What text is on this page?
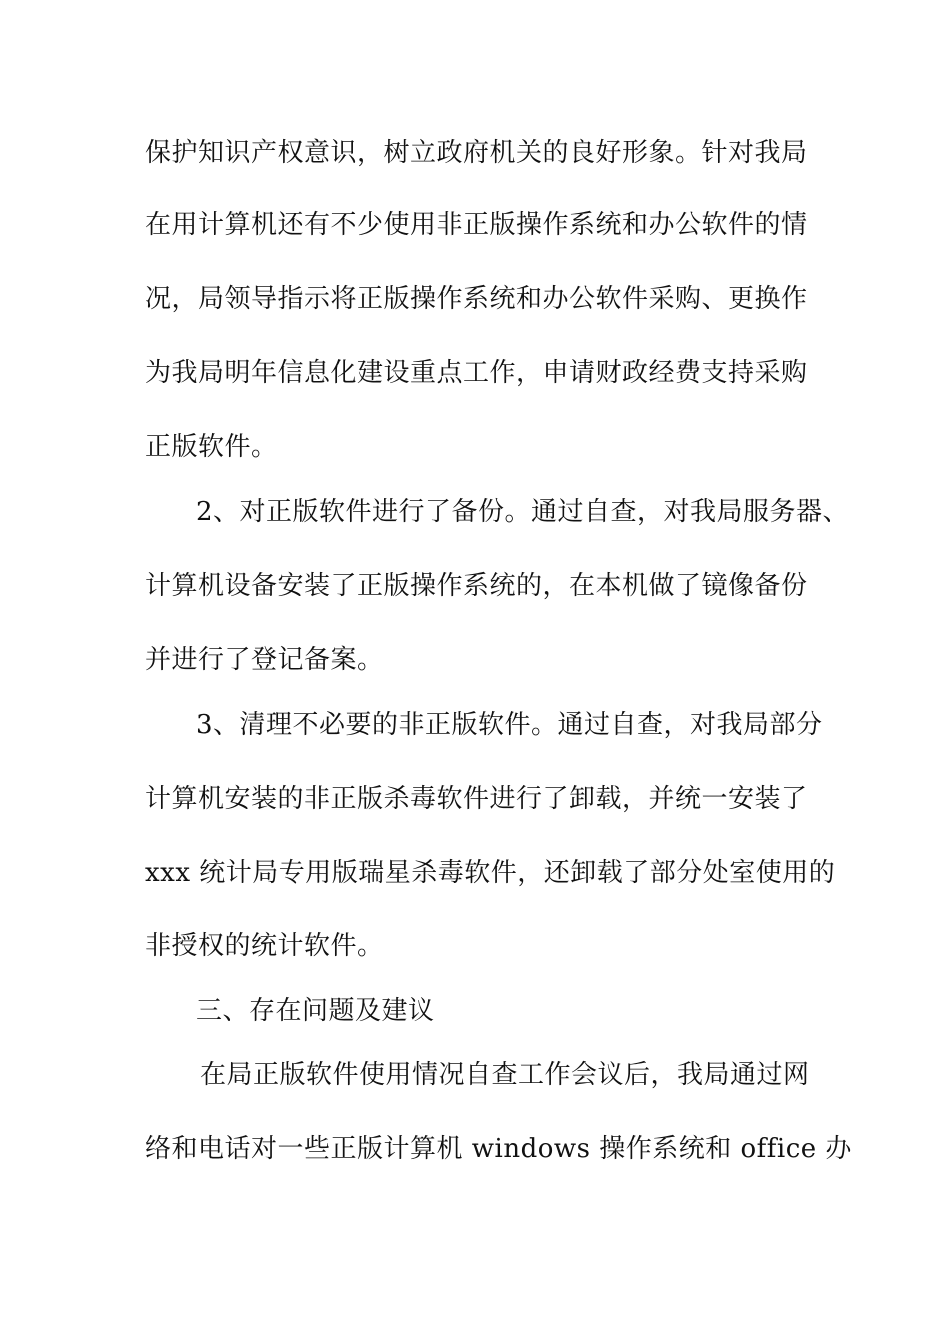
保护知识产权意识，树立政府机关的良好形象。针对我局
在用计算机还有不少使用非正版操作系统和办公软件的情
况，局领导指示将正版操作系统和办公软件采购、更换作
为我局明年信息化建设重点工作，申请财政经费支持采购
正版软件。
2、对正版软件进行了备份。通过自查，对我局服务器、
计算机设备安装了正版操作系统的，在本机做了镜像备份
并进行了登记备案。
3、清理不必要的非正版软件。通过自查，对我局部分
计算机安装的非正版杀毒软件进行了卸载，并统一安装了
xxx 统计局专用版瑞星杀毒软件，还卸载了部分处室使用的
非授权的统计软件。
三、存在问题及建议
在局正版软件使用情况自查工作会议后，我局通过网
络和电话对一些正版计算机 windows 操作系统和 office 办
